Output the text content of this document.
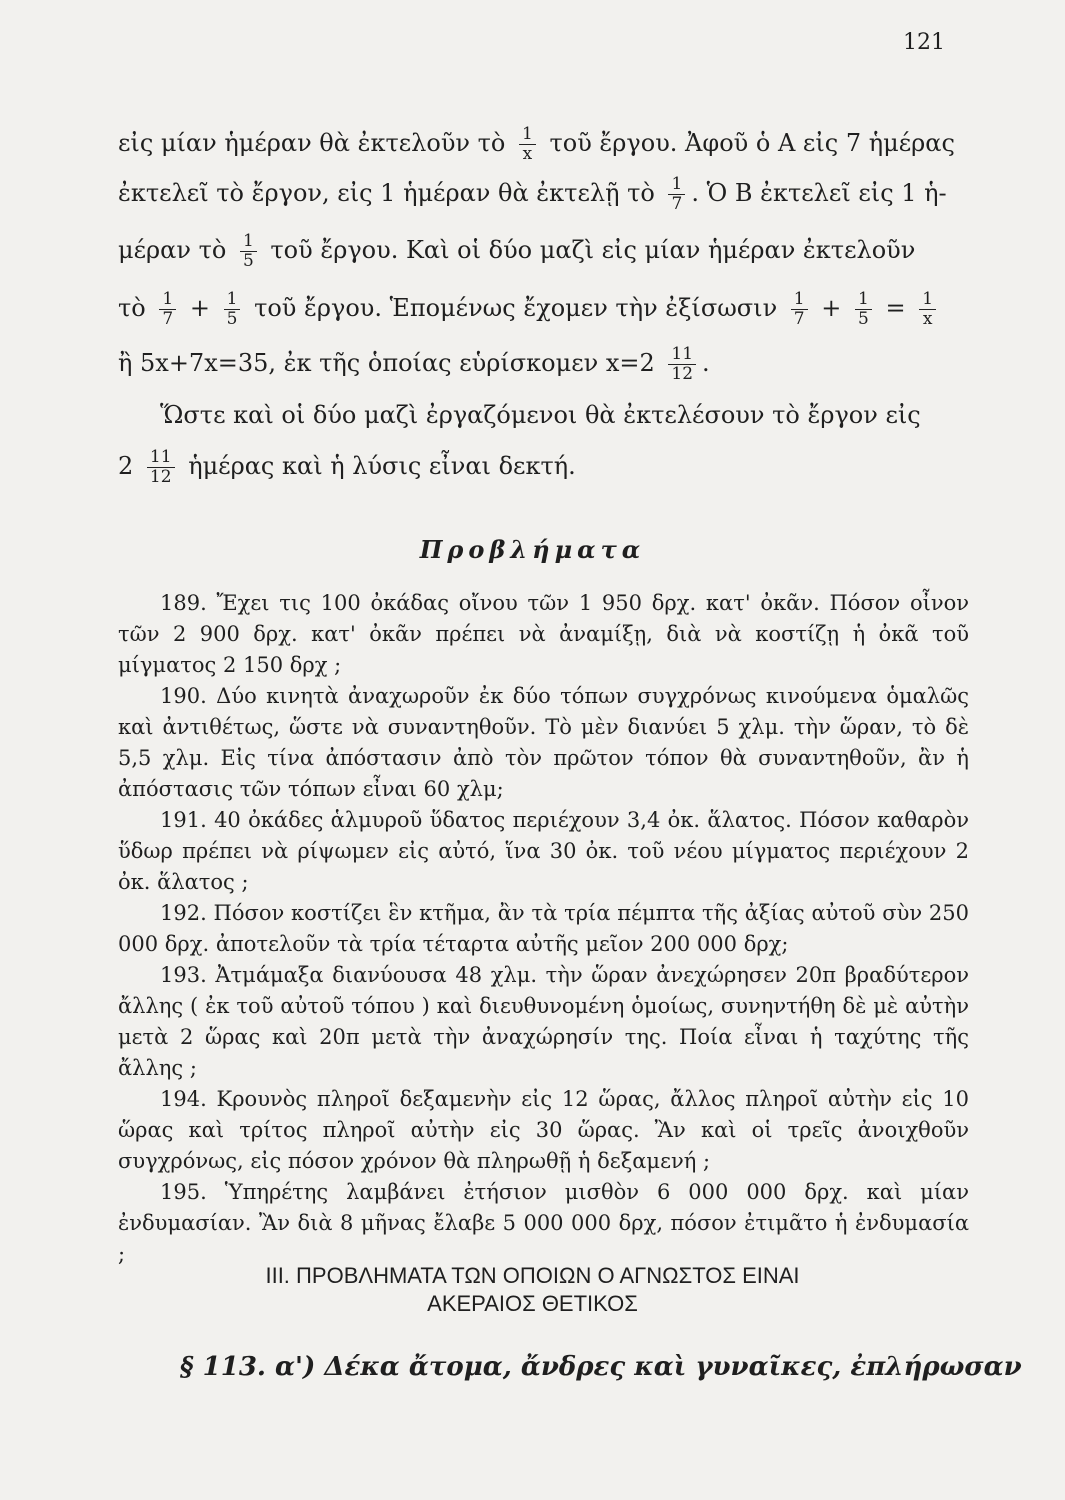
121
εἰς μίαν ἡμέραν θὰ ἐκτελοῦν τὸ $\frac{1}{x}$ τοῦ ἔργου. Ἀφοῦ ὁ Α εἰς 7 ἡμέρας
ἐκτελεῖ τὸ ἔργον, εἰς 1 ἡμέραν θὰ ἐκτελῇ τὸ $\frac{1}{7}$ . Ὁ Β ἐκτελεῖ εἰς 1 ἡ-
μέραν τὸ $\frac{1}{5}$ τοῦ ἔργου. Καὶ οἱ δύο μαζὶ εἰς μίαν ἡμέραν ἐκτελοῦν
τὸ $\frac{1}{7} + \frac{1}{5}$ τοῦ ἔργου. Ἑπομένως ἔχομεν τὴν ἐξίσωσιν $\frac{1}{7} + \frac{1}{5} = \frac{1}{x}$
ἢ 5x+7x=35, ἐκ τῆς ὁποίας εὑρίσκομεν $x=2 \frac{11}{12}$ .
Ὥστε καὶ οἱ δύο μαζὶ ἐργαζόμενοι θὰ ἐκτελέσουν τὸ ἔργον εἰς
$2 \frac{11}{12}$ ἡμέρας καὶ ἡ λύσις εἶναι δεκτή.
Προβλήματα

189. Ἔχει τις 100 ὀκάδας οἴνου τῶν 1 950 δρχ. κατ' ὀκᾶν. Πόσον οἶνον τῶν 2 900 δρχ. κατ' ὀκᾶν πρέπει νὰ ἀναμίξῃ, διὰ νὰ κοστίζῃ ἡ ὀκᾶ τοῦ μίγματος 2 150 δρχ ;

190. Δύο κινητὰ ἀναχωροῦν ἐκ δύο τόπων συγχρόνως κινούμενα ὁμαλῶς καὶ ἀντιθέτως, ὥστε νὰ συναντηθοῦν. Τὸ μὲν διανύει 5 χλμ. τὴν ὥραν, τὸ δὲ 5,5 χλμ. Εἰς τίνα ἀπόστασιν ἀπὸ τὸν πρῶτον τόπον θὰ συναντηθοῦν, ἂν ἡ ἀπόστασις τῶν τόπων εἶναι 60 χλμ;

191. 40 ὀκάδες ἁλμυροῦ ὕδατος περιέχουν 3,4 ὀκ. ἅλατος. Πόσον καθαρὸν ὕδωρ πρέπει νὰ ρίψωμεν εἰς αὐτό, ἵνα 30 ὀκ. τοῦ νέου μίγματος περιέχουν 2 ὀκ. ἅλατος ;

192. Πόσον κοστίζει ἓν κτῆμα, ἂν τὰ τρία πέμπτα τῆς ἀξίας αὐτοῦ σὺν 250 000 δρχ. ἀποτελοῦν τὰ τρία τέταρτα αὐτῆς μεῖον 200 000 δρχ;

193. Ἀτμάμαξα διανύουσα 48 χλμ. τὴν ὥραν ἀνεχώρησεν 20π βραδύτερον ἄλλης ( ἐκ τοῦ αὐτοῦ τόπου ) καὶ διευθυνομένη ὁμοίως, συνηντήθη δὲ μὲ αὐτὴν μετὰ 2 ὥρας καὶ 20π μετὰ τὴν ἀναχώρησίν της. Ποία εἶναι ἡ ταχύτης τῆς ἄλλης ;

194. Κρουνὸς πληροῖ δεξαμενὴν εἰς 12 ὥρας, ἄλλος πληροῖ αὐτὴν εἰς 10 ὥρας καὶ τρίτος πληροῖ αὐτὴν εἰς 30 ὥρας. Ἂν καὶ οἱ τρεῖς ἀνοιχθοῦν συγχρόνως, εἰς πόσον χρόνον θὰ πληρωθῇ ἡ δεξαμενή ;

195. Ὑπηρέτης λαμβάνει ἐτήσιον μισθὸν 6 000 000 δρχ. καὶ μίαν ἐνδυμασίαν. Ἂν διὰ 8 μῆνας ἔλαβε 5 000 000 δρχ, πόσον ἐτιμᾶτο ἡ ἐνδυμασία ;

ΙΙΙ. ΠΡΟΒΛΗΜΑΤΑ ΤΩΝ ΟΠΟΙΩΝ Ο ΑΓΝΩΣΤΟΣ ΕΙΝΑΙ
ΑΚΕΡΑΙΟΣ ΘΕΤΙΚΟΣ
§ 113. α') Δέκα ἄτομα, ἄνδρες καὶ γυναῖκες, ἐπλήρωσαν
